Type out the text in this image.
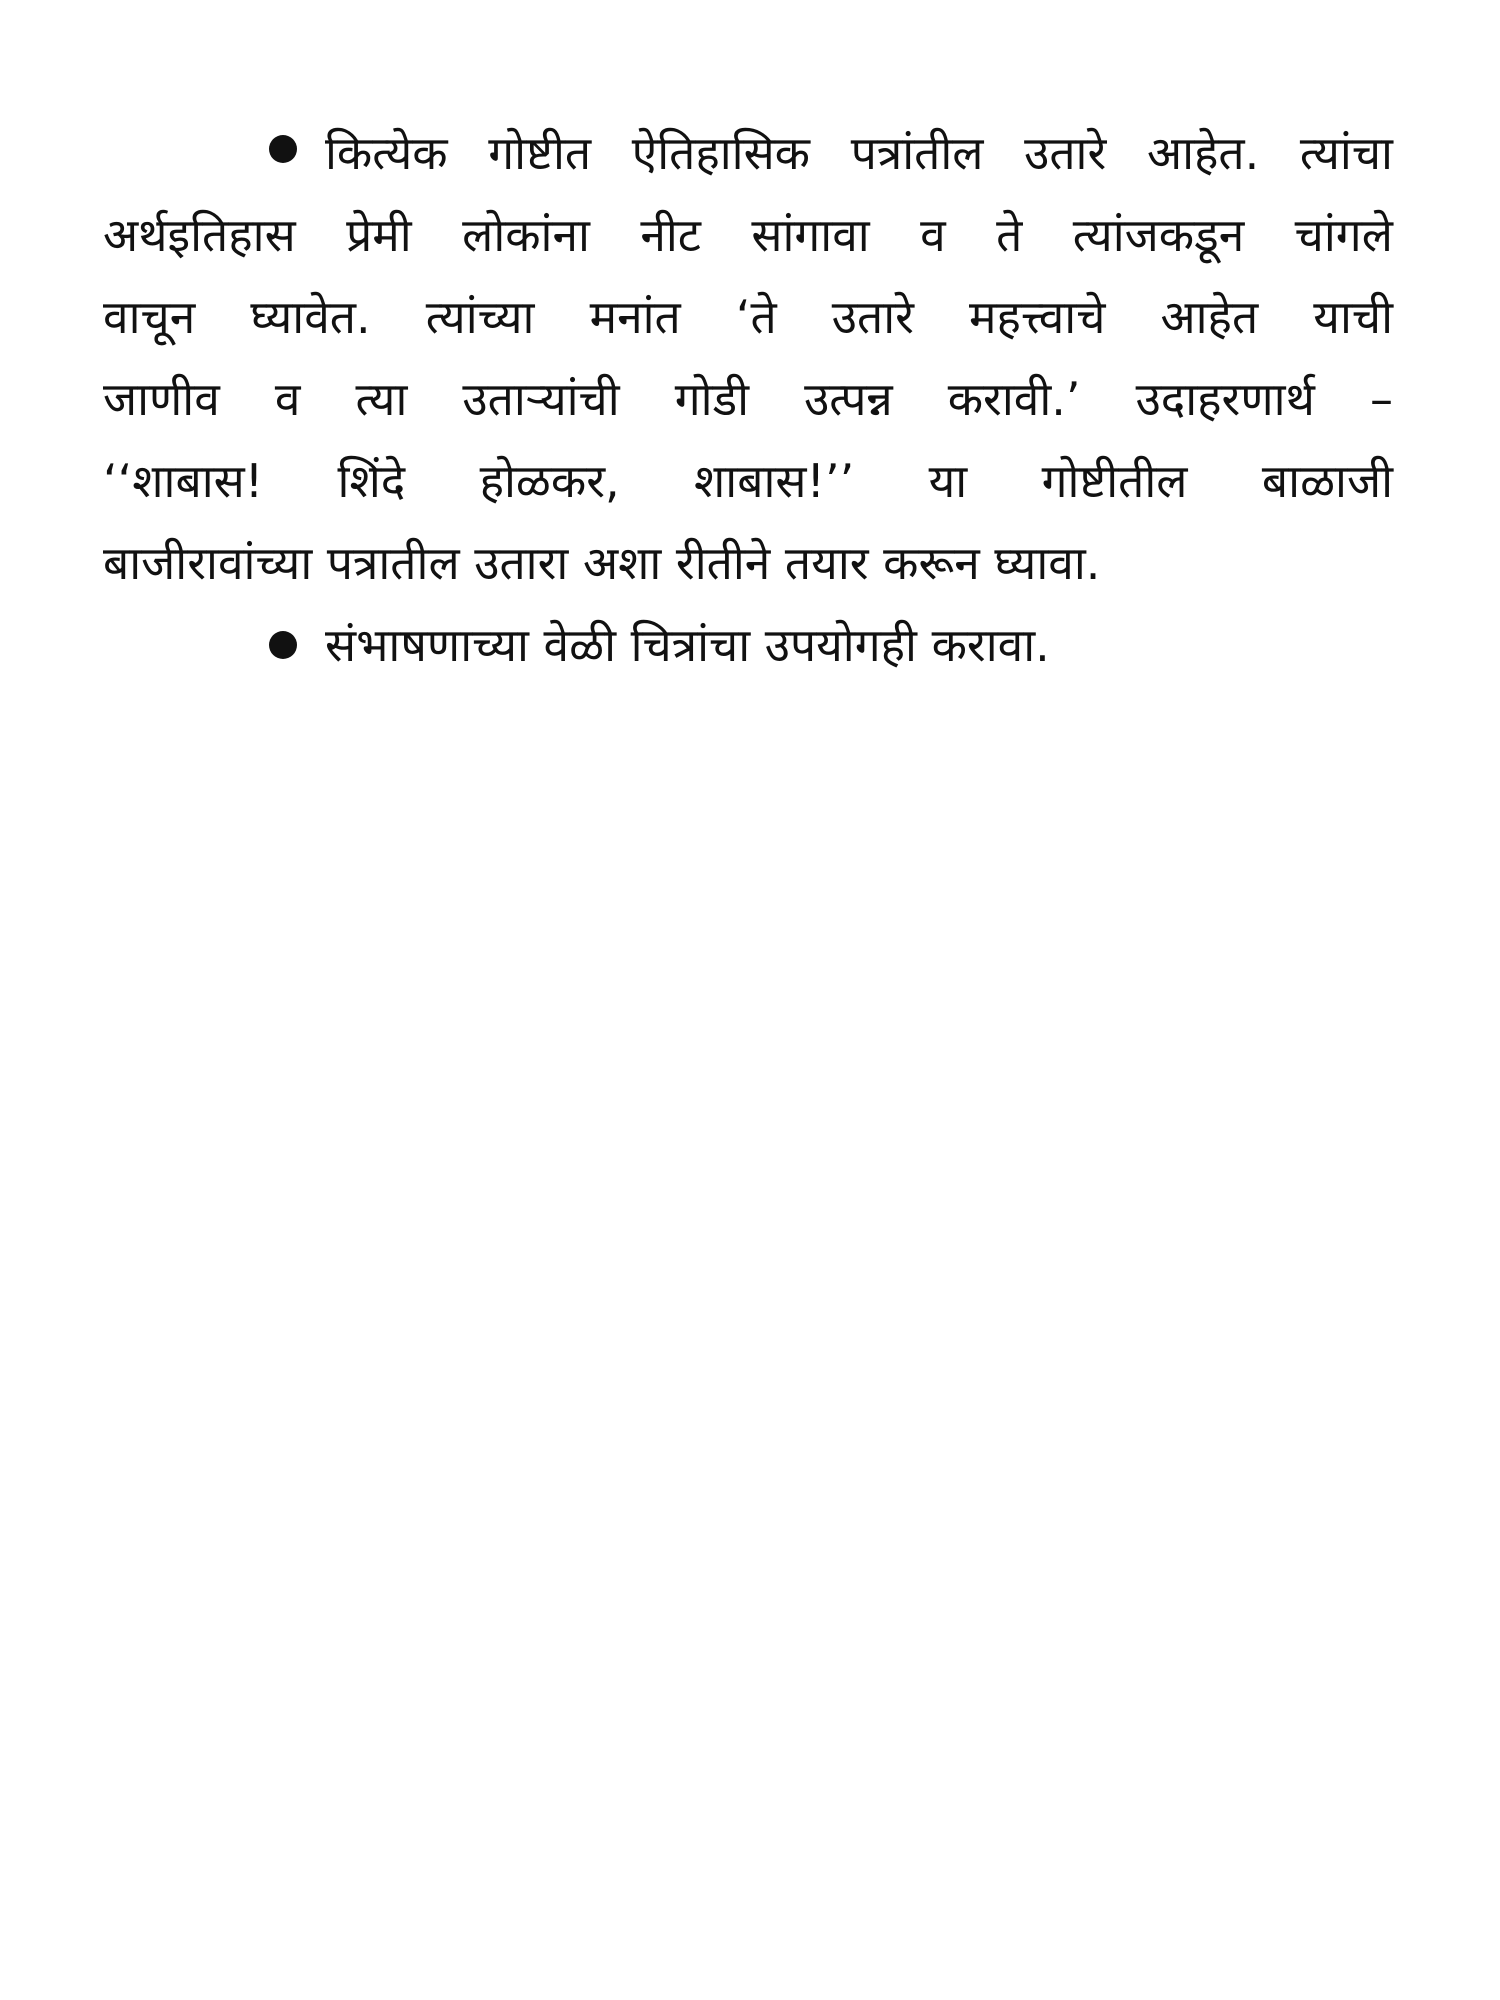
कित्येक गोष्टीत ऐतिहासिक पत्रांतील उतारे आहेत. त्यांचा
अर्थइतिहास प्रेमी लोकांना नीट सांगावा व ते त्यांजकडून चांगले
वाचून घ्यावेत. त्यांच्या मनांत ‘ते उतारे महत्त्वाचे आहेत याची
जाणीव व त्या उताऱ्यांची गोडी उत्पन्न करावी.’ उदाहरणार्थ –
‘‘शाबास! शिंदे होळकर, शाबास!’’ या गोष्टीतील बाळाजी
बाजीरावांच्या पत्रातील उतारा अशा रीतीने तयार करून घ्यावा.
संभाषणाच्या वेळी चित्रांचा उपयोगही करावा.
